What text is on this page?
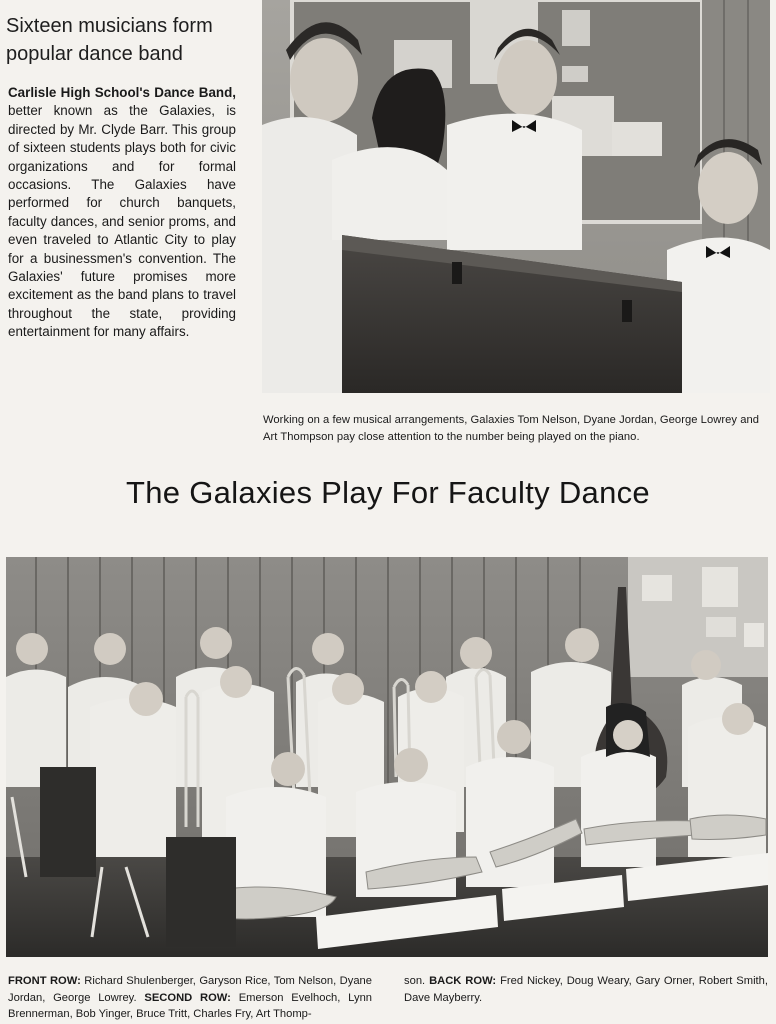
Sixteen musicians form
popular dance band
Carlisle High School's Dance Band, better known as the Galaxies, is directed by Mr. Clyde Barr. This group of sixteen students plays both for civic organizations and for formal occasions. The Galaxies have performed for church banquets, faculty dances, and senior proms, and even traveled to Atlantic City to play for a businessmen's convention. The Galaxies' future promises more excitement as the band plans to travel throughout the state, providing entertainment for many affairs.
Working on a few musical arrangements, Galaxies Tom Nelson, Dyane Jordan, George Lowrey and Art Thompson pay close attention to the number being played on the piano.
The Galaxies Play For Faculty Dance
FRONT ROW: Richard Shulenberger, Garyson Rice, Tom Nelson, Dyane Jordan, George Lowrey. SECOND ROW: Emerson Evelhoch, Lynn Brennerman, Bob Yinger, Bruce Tritt, Charles Fry, Art Thomp-
son. BACK ROW: Fred Nickey, Doug Weary, Gary Orner, Robert Smith, Dave Mayberry.
